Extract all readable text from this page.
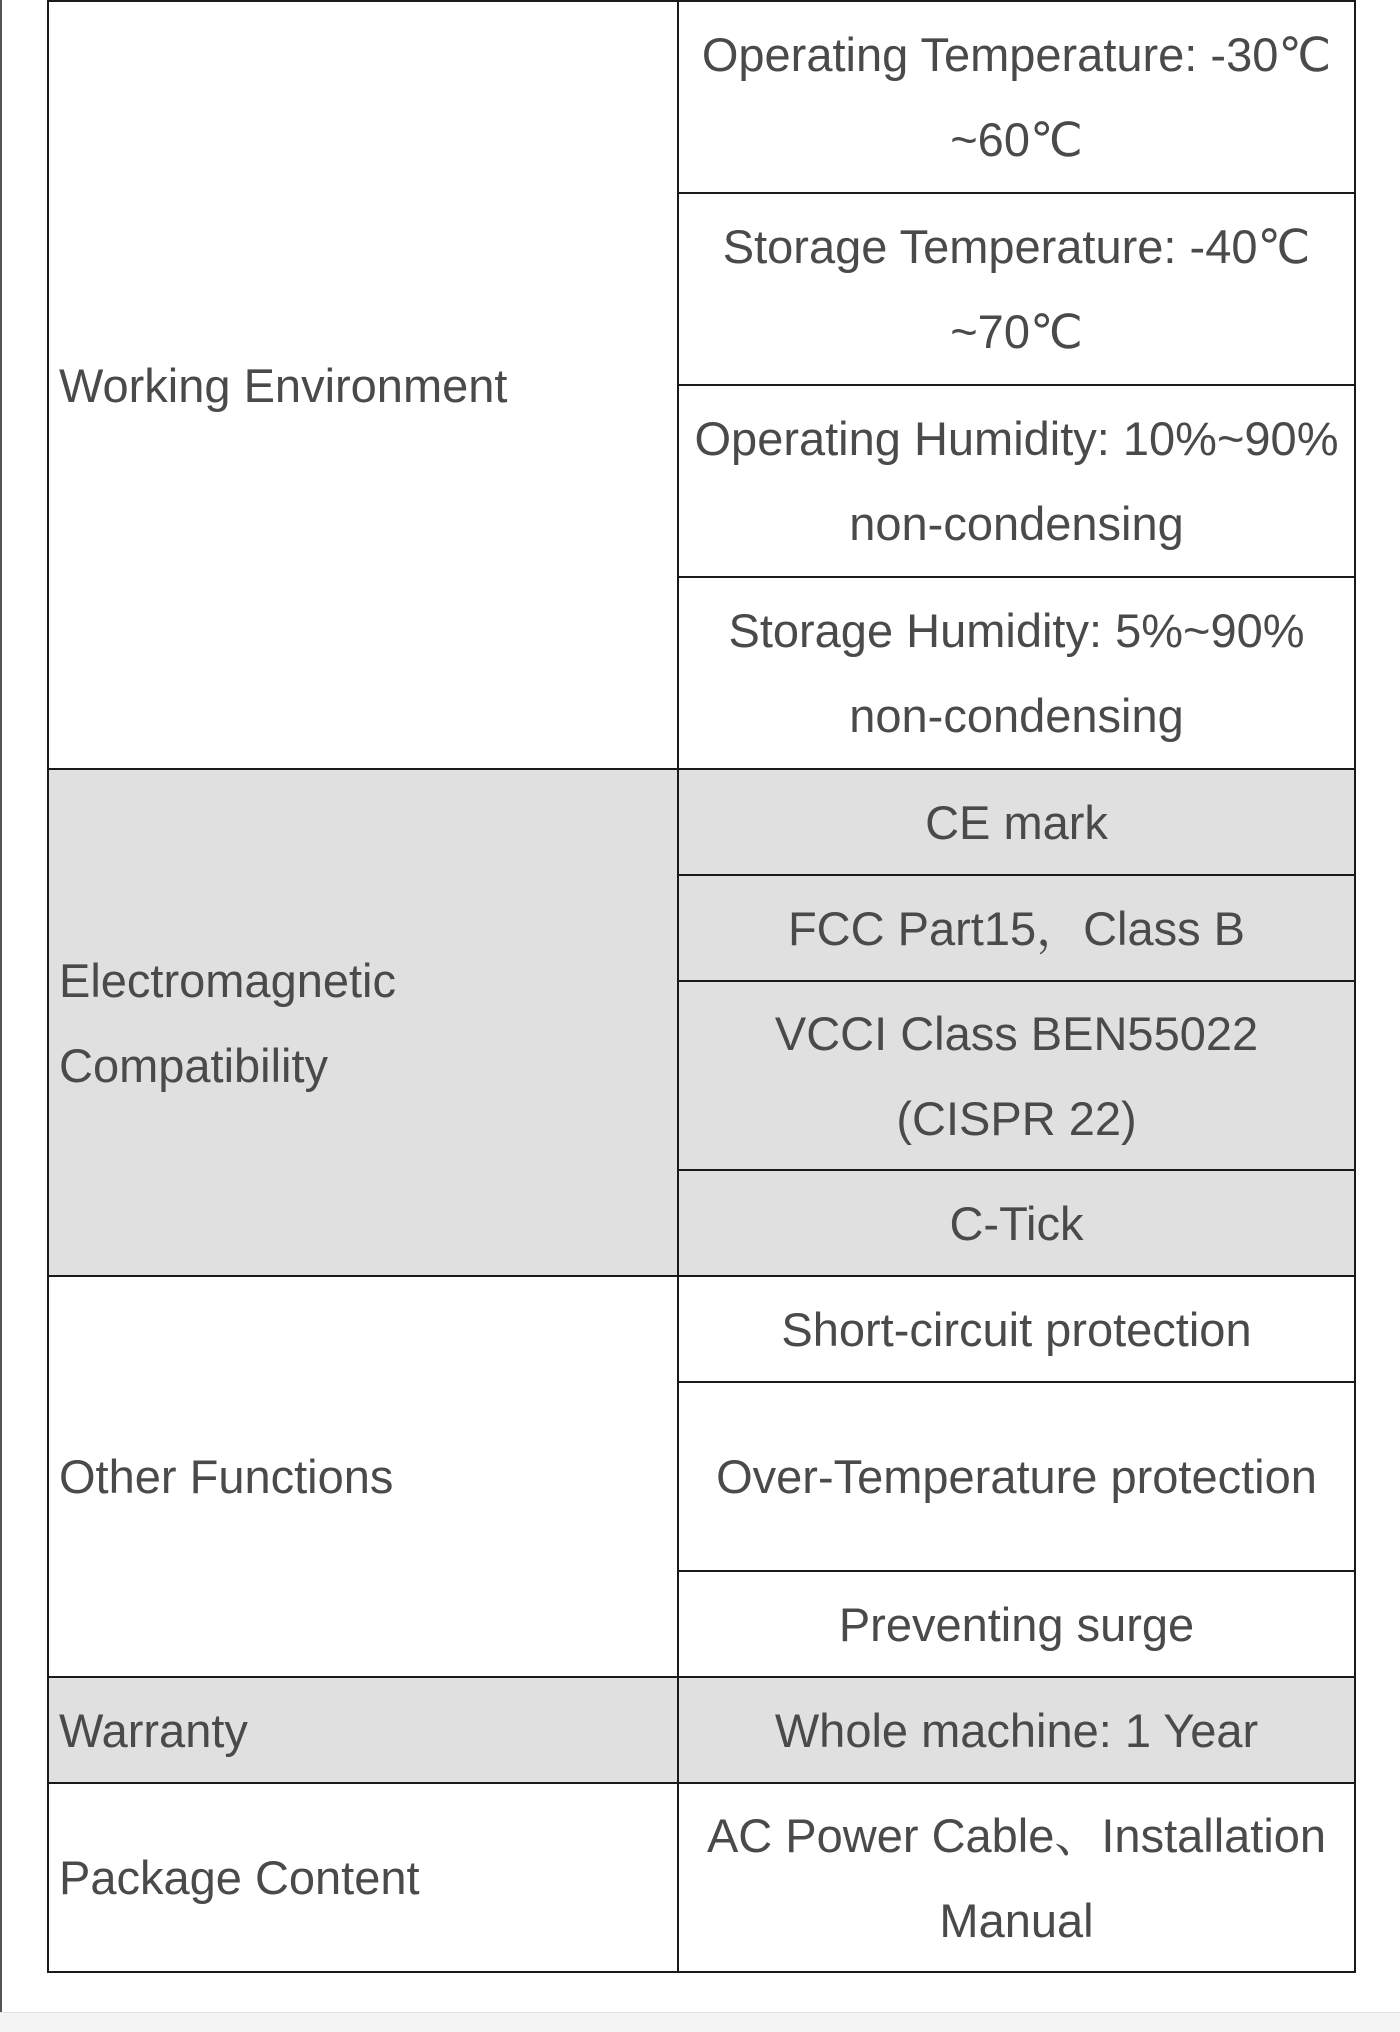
Working Environment	Operating Temperature: -30℃ ~60℃
	Storage Temperature: -40℃ ~70℃
	Operating Humidity: 10%~90% non-condensing
	Storage Humidity: 5%~90% non-condensing
Electromagnetic Compatibility	CE mark
	FCC Part15，Class B
	VCCI Class BEN55022 (CISPR 22)
	C-Tick
Other Functions	Short-circuit protection
	Over-Temperature protection
	Preventing surge
Warranty	Whole machine: 1 Year
Package Content	AC Power Cable、Installation Manual
